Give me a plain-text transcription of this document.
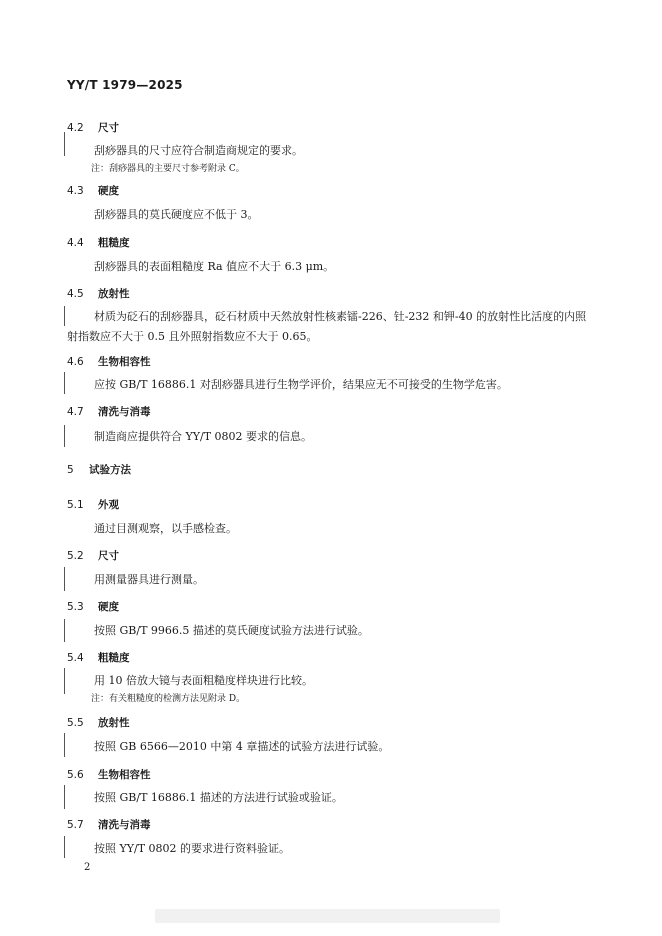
YY/T 1979—2025
4.2 尺寸
刮痧器具的尺寸应符合制造商规定的要求。
注：刮痧器具的主要尺寸参考附录 C。
4.3 硬度
刮痧器具的莫氏硬度应不低于 3。
4.4 粗糙度
刮痧器具的表面粗糙度 Ra 值应不大于 6.3 μm。
4.5 放射性
材质为砭石的刮痧器具，砭石材质中天然放射性核素镭-226、钍-232 和钾-40 的放射性比活度的内照射指数应不大于 0.5 且外照射指数应不大于 0.65。
4.6 生物相容性
应按 GB/T 16886.1 对刮痧器具进行生物学评价，结果应无不可接受的生物学危害。
4.7 清洗与消毒
制造商应提供符合 YY/T 0802 要求的信息。
5 试验方法
5.1 外观
通过目测观察，以手感检查。
5.2 尺寸
用测量器具进行测量。
5.3 硬度
按照 GB/T 9966.5 描述的莫氏硬度试验方法进行试验。
5.4 粗糙度
用 10 倍放大镜与表面粗糙度样块进行比较。
注：有关粗糙度的检测方法见附录 D。
5.5 放射性
按照 GB 6566—2010 中第 4 章描述的试验方法进行试验。
5.6 生物相容性
按照 GB/T 16886.1 描述的方法进行试验或验证。
5.7 清洗与消毒
按照 YY/T 0802 的要求进行资料验证。
2
